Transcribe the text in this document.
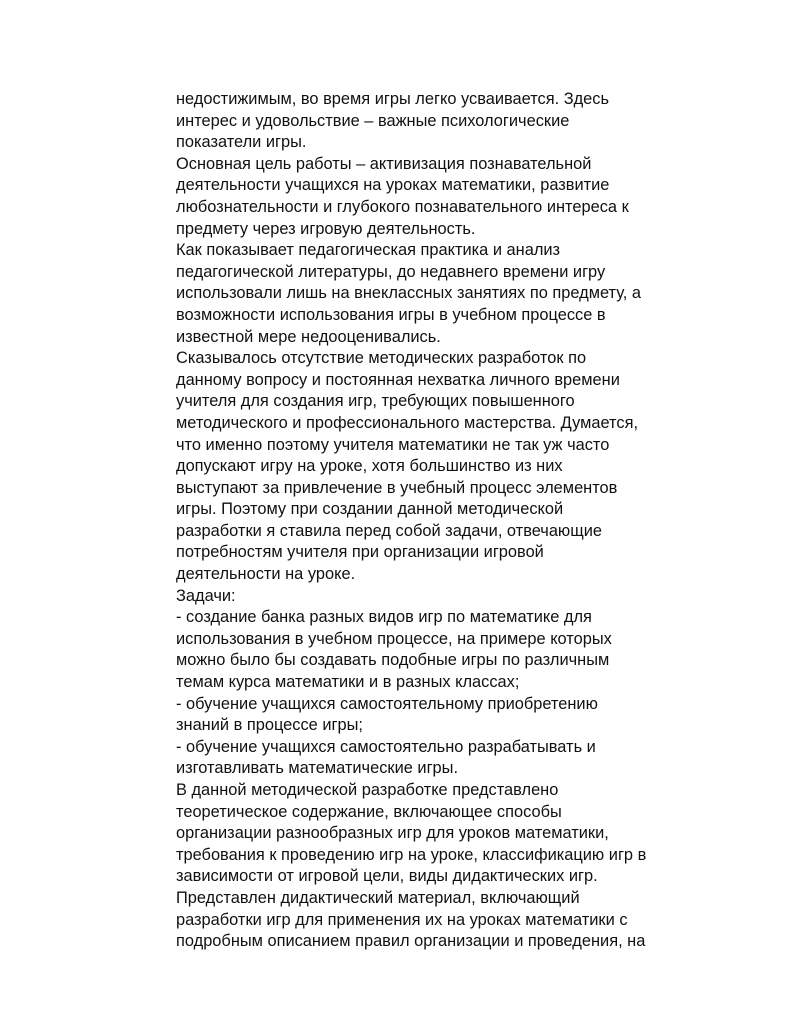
недостижимым, во время игры легко усваивается. Здесь
интерес и удовольствие – важные психологические
показатели игры.
Основная цель работы – активизация познавательной
деятельности учащихся на уроках математики, развитие
любознательности и глубокого познавательного интереса к
предмету через игровую деятельность.
Как показывает педагогическая практика и анализ
педагогической литературы, до недавнего времени игру
использовали лишь на внеклассных занятиях по предмету, а
возможности использования игры в учебном процессе в
известной мере недооценивались.
Сказывалось отсутствие методических разработок по
данному вопросу и постоянная нехватка личного времени
учителя для создания игр, требующих повышенного
методического и профессионального мастерства. Думается,
что именно поэтому учителя математики не так уж часто
допускают игру на уроке, хотя большинство из них
выступают за привлечение в учебный процесс элементов
игры. Поэтому при создании данной методической
разработки я ставила перед собой задачи, отвечающие
потребностям учителя при организации игровой
деятельности на уроке.
Задачи:
- создание банка разных видов игр по математике для
использования в учебном процессе, на примере которых
можно было бы создавать подобные игры по различным
темам курса математики и в разных классах;
- обучение учащихся самостоятельному приобретению
знаний в процессе игры;
- обучение учащихся самостоятельно разрабатывать и
изготавливать математические игры.
В данной методической разработке представлено
теоретическое содержание, включающее способы
организации разнообразных игр для уроков математики,
требования к проведению игр на уроке, классификацию игр в
зависимости от игровой цели, виды дидактических игр.
Представлен дидактический материал, включающий
разработки игр для применения их на уроках математики с
подробным описанием правил организации и проведения, на
